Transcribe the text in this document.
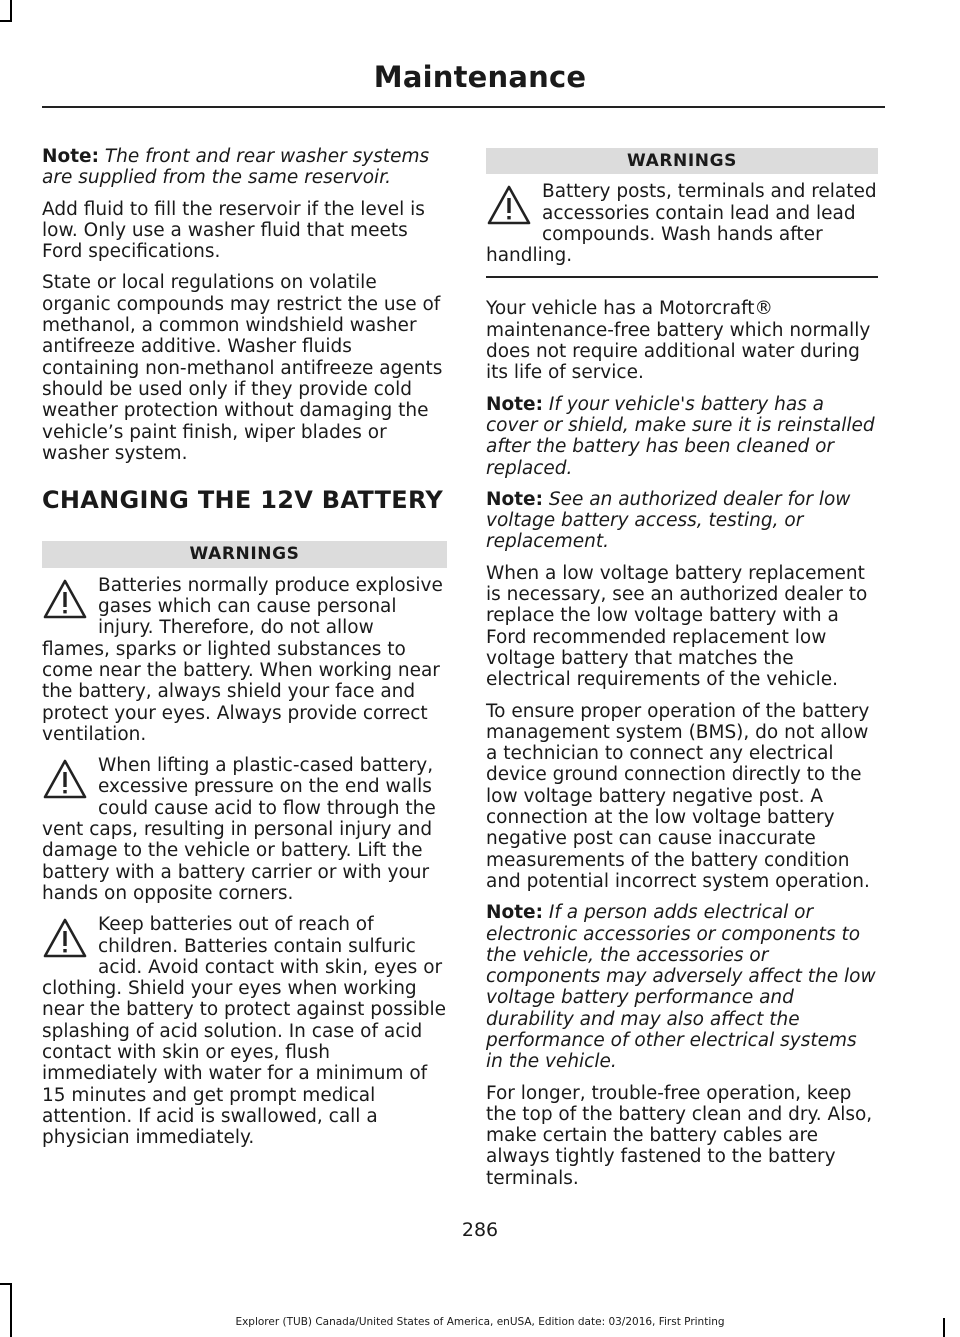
Maintenance

Note: The front and rear washer systems are supplied from the same reservoir.

Add fluid to fill the reservoir if the level is low. Only use a washer fluid that meets Ford specifications.

State or local regulations on volatile organic compounds may restrict the use of methanol, a common windshield washer antifreeze additive. Washer fluids containing non-methanol antifreeze agents should be used only if they provide cold weather protection without damaging the vehicle’s paint finish, wiper blades or washer system.

CHANGING THE 12V BATTERY
WARNINGS
Batteries normally produce explosive gases which can cause personal injury. Therefore, do not allow flames, sparks or lighted substances to come near the battery. When working near the battery, always shield your face and protect your eyes. Always provide correct ventilation.
When lifting a plastic-cased battery, excessive pressure on the end walls could cause acid to flow through the vent caps, resulting in personal injury and damage to the vehicle or battery. Lift the battery with a battery carrier or with your hands on opposite corners.
Keep batteries out of reach of children. Batteries contain sulfuric acid. Avoid contact with skin, eyes or clothing. Shield your eyes when working near the battery to protect against possible splashing of acid solution. In case of acid contact with skin or eyes, flush immediately with water for a minimum of 15 minutes and get prompt medical attention. If acid is swallowed, call a physician immediately.
WARNINGS
Battery posts, terminals and related accessories contain lead and lead compounds. Wash hands after handling.

Your vehicle has a Motorcraft® maintenance-free battery which normally does not require additional water during its life of service.

Note: If your vehicle's battery has a cover or shield, make sure it is reinstalled after the battery has been cleaned or replaced.

Note: See an authorized dealer for low voltage battery access, testing, or replacement.

When a low voltage battery replacement is necessary, see an authorized dealer to replace the low voltage battery with a Ford recommended replacement low voltage battery that matches the electrical requirements of the vehicle.

To ensure proper operation of the battery management system (BMS), do not allow a technician to connect any electrical device ground connection directly to the low voltage battery negative post. A connection at the low voltage battery negative post can cause inaccurate measurements of the battery condition and potential incorrect system operation.

Note: If a person adds electrical or electronic accessories or components to the vehicle, the accessories or components may adversely affect the low voltage battery performance and durability and may also affect the performance of other electrical systems in the vehicle.

For longer, trouble-free operation, keep the top of the battery clean and dry. Also, make certain the battery cables are always tightly fastened to the battery terminals.

286
Explorer (TUB) Canada/United States of America, enUSA, Edition date: 03/2016, First Printing
